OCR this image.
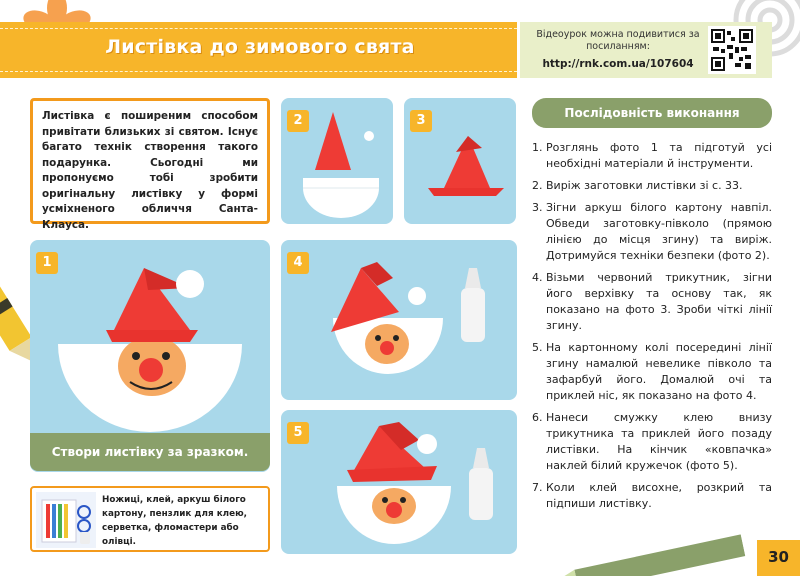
Листівка до зимового свята
Відеоурок можна подивитися за посиланням:
http://rnk.com.ua/107604
Листівка є поширеним способом привітати близьких зі святом. Існує багато технік створення такого подарунка. Сьогодні ми пропонуємо тобі зробити оригінальну листівку у формі усміхненого обличчя Санта-Клауса.
2	3
1
Створи листівку за зразком.
4
5
Ножиці, клей, аркуш білого картону, пензлик для клею, серветка, фломастери або олівці.
Послідовність виконання
1. Розглянь фото 1 та підготуй усі необхідні матеріали й інструменти.
2. Виріж заготовки листівки зі с. 33.
3. Зігни аркуш білого картону навпіл. Обведи заготовку-півколо (прямою лінією до місця згину) та виріж. Дотримуйся техніки безпеки (фото 2).
4. Візьми червоний трикутник, зігни його верхівку та основу так, як показано на фото 3. Зроби чіткі лінії згину.
5. На картонному колі посередині лінії згину намалюй невелике півколо та зафарбуй його. Домалюй очі та приклей ніс, як показано на фото 4.
6. Нанеси смужку клею внизу трикутника та приклей його позаду листівки. На кінчик «ковпачка» наклей білий кружечок (фото 5).
7. Коли клей висохне, розкрий та підпиши листівку.
30
